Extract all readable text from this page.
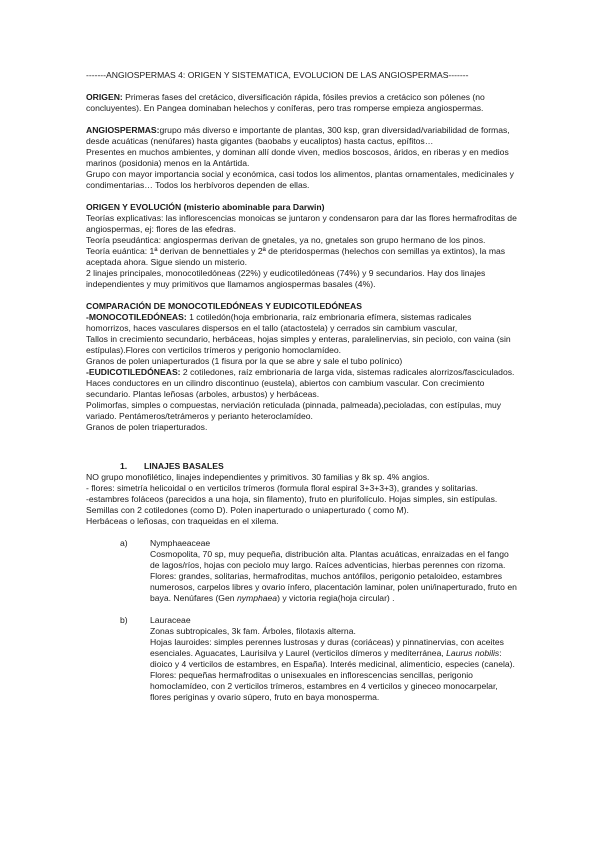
-------ANGIOSPERMAS 4: ORIGEN Y SISTEMATICA, EVOLUCION DE LAS ANGIOSPERMAS-------

ORIGEN: Primeras fases del cretácico, diversificación rápida, fósiles previos a cretácico son pólenes (no concluyentes). En Pangea dominaban helechos y coníferas, pero tras romperse empieza angiospermas.

ANGIOSPERMAS:grupo más diverso e importante de plantas, 300 ksp, gran diversidad/variabilidad de formas, desde acuáticas (nenúfares) hasta gigantes (baobabs y eucaliptos) hasta cactus, epífitos…

Presentes en muchos ambientes, y dominan allí donde viven, medios boscosos, áridos, en riberas y en medios marinos (posidonia) menos en la Antártida.

Grupo con mayor importancia social y económica, casi todos los alimentos, plantas ornamentales, medicinales y condimentarias… Todos los herbívoros dependen de ellas.

ORIGEN Y EVOLUCIÓN (misterio abominable para Darwin)

Teorías explicativas: las inflorescencias monoicas se juntaron y condensaron para dar las flores hermafroditas de angiospermas, ej: flores de las efedras.

Teoría pseudántica: angiospermas derivan de gnetales, ya no, gnetales son grupo hermano de los pinos.

Teoría euántica: 1ª derivan de bennettiales y 2ª de pteridospermas (helechos con semillas ya extintos), la mas aceptada ahora. Sigue siendo un misterio.

2 linajes principales, monocotiledóneas (22%) y eudicotiledóneas (74%) y 9 secundarios. Hay dos linajes independientes y muy primitivos que llamamos angiospermas basales (4%).

COMPARACIÓN DE MONOCOTILEDÓNEAS Y EUDICOTILEDÓNEAS

-MONOCOTILEDÓNEAS: 1 cotiledón(hoja embrionaria, raíz embrionaria efímera, sistemas radicales homorrizos, haces vasculares dispersos en el tallo (atactostela) y cerrados sin cambium vascular,

Tallos in crecimiento secundario, herbáceas, hojas simples y enteras, paralelinervias, sin peciolo, con vaina (sin estípulas).Flores con verticilos trímeros y perigonio homoclamídeo.

Granos de polen uniaperturados (1 fisura por la que se abre y sale el tubo polínico)

-EUDICOTILEDÓNEAS: 2 cotiledones, raíz embrionaria de larga vida, sistemas radicales alorrizos/fasciculados. Haces conductores en un cilindro discontinuo (eustela), abiertos con cambium vascular. Con crecimiento secundario. Plantas leñosas (arboles, arbustos) y herbáceas.

Polimorfas, simples o compuestas, nerviación reticulada (pinnada, palmeada),pecioladas, con estípulas, muy variado. Pentámeros/tetrámeros y perianto heteroclamídeo.

Granos de polen triaperturados.

1.	LINAJES BASALES

NO grupo monofilético, linajes independientes y primitivos. 30 familias y 8k sp. 4% angios.

- flores: simetría helicoidal o en verticilos trímeros (formula floral espiral 3+3+3+3), grandes y solitarias.

-estambres foláceos (parecidos a una hoja, sin filamento), fruto en plurifolículo. Hojas simples, sin estípulas. Semillas con 2 cotiledones (como D). Polen inaperturado o uniaperturado ( como M).

Herbáceas o leñosas, con traqueidas en el xilema.

a)	Nymphaeaceae

Cosmopolita, 70 sp, muy pequeña, distribución alta. Plantas acuáticas, enraizadas en el fango de lagos/ríos, hojas con peciolo muy largo. Raíces adventicias, hierbas perennes con rizoma.

Flores: grandes, solitarias, hermafroditas, muchos antófilos, perigonio petaloideo, estambres numerosos, carpelos libres y ovario ínfero, placentación laminar, polen uni/inaperturado, fruto en baya. Nenúfares (Gen nymphaea) y victoria regia(hoja circular) .

b)	Lauraceae

Zonas subtropicales, 3k fam. Árboles, filotaxis alterna.

Hojas lauroides: simples perennes lustrosas y duras (coriáceas) y pinnatinervias, con aceites esenciales. Aguacates, Laurisilva y Laurel (verticilos dímeros y mediterránea, Laurus nobilis: dioico y 4 verticilos de estambres, en España). Interés medicinal, alimenticio, especies (canela).

Flores: pequeñas hermafroditas o unisexuales en inflorescencias sencillas, perigonio homoclamídeo, con 2 verticilos trímeros, estambres en 4 verticilos y gineceo monocarpelar, flores periginas y ovario súpero, fruto en baya monosperma.
